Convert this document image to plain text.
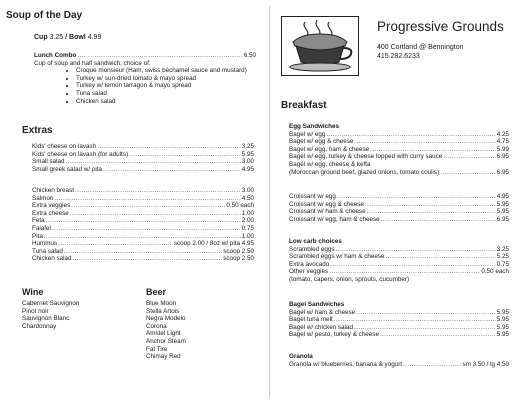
Soup of the Day
Cup 3.25 / Bowl 4.99
Lunch Combo .....	6.50
Cup of soup and half sandwich, choice of:
• Croque monsieur (Ham, swiss béchamel sauce and mustard)
• Turkey w/ sun-dried tomato & mayo spread
• Turkey w/ lemon tarragon & mayo spread
• Tuna salad
• Chicken salad
Extras
Kids' cheese on lavash .....	3.25
Kids' cheese on lavash (for adults) .....	5.95
Small salad .....	3.00
Small greek salad w/ pita .....	4.95
Chicken breast .....	3.00
Salmon .....	4.50
Extra veggies .....	0.50 each
Extra cheese .....	1.00
Feta .....	2.00
Falafel .....	0.75
Pita .....	1.00
Hummus .....	scoop 2.00 / 8oz w/ pita 4.95
Tuna salad .....	scoop 2.50
Chicken salad .....	scoop 2.50
Wine
Cabernet Sauvignon
Pinot noir
Sauvignon Blanc
Chardonnay
Beer
Blue Moon
Stella Artois
Negra Modelo
Corona
Amstel Light
Anchor Steam
Fat Tire
Chimay Red
Progressive Grounds
400 Cortland @ Bennington
415.282.6233
Breakfast
Egg Sandwiches
Bagel w/ egg .....	4.25
Bagel w/ egg & cheese .....	4.75
Bagel w/ egg, ham & cheese .....	5.99
Bagel w/ egg, turkey & cheese topped with curry sauce .....	6.95
Bagel w/ egg, cheese & kefta
(Moroccan ground beef, glazed onions, tomato coulis) .....	6.95
Croissant w/ egg .....	4.95
Croissant w/ egg & cheese .....	5.95
Croissant w/ ham & cheese .....	5.95
Croissant w/ egg, ham & cheese .....	6.95
Low carb choices
Scrambled eggs .....	3.25
Scrambled eggs w/ ham & cheese .....	5.25
Extra avocado .....	0.75
Other veggies .....	0.50 each
(tomato, capers, onion, sprouts, cucumber)
Bagel Sandwiches
Bagel w/ ham & cheese .....	5.95
Bagel tuna melt .....	5.95
Bagel w/ chicken salad .....	5.95
Bagel w/ pesto, turkey & cheese .....	5.95
Granola
Granola w/ blueberries, banana & yogurt .....	sm 3.50 / lg 4.50
